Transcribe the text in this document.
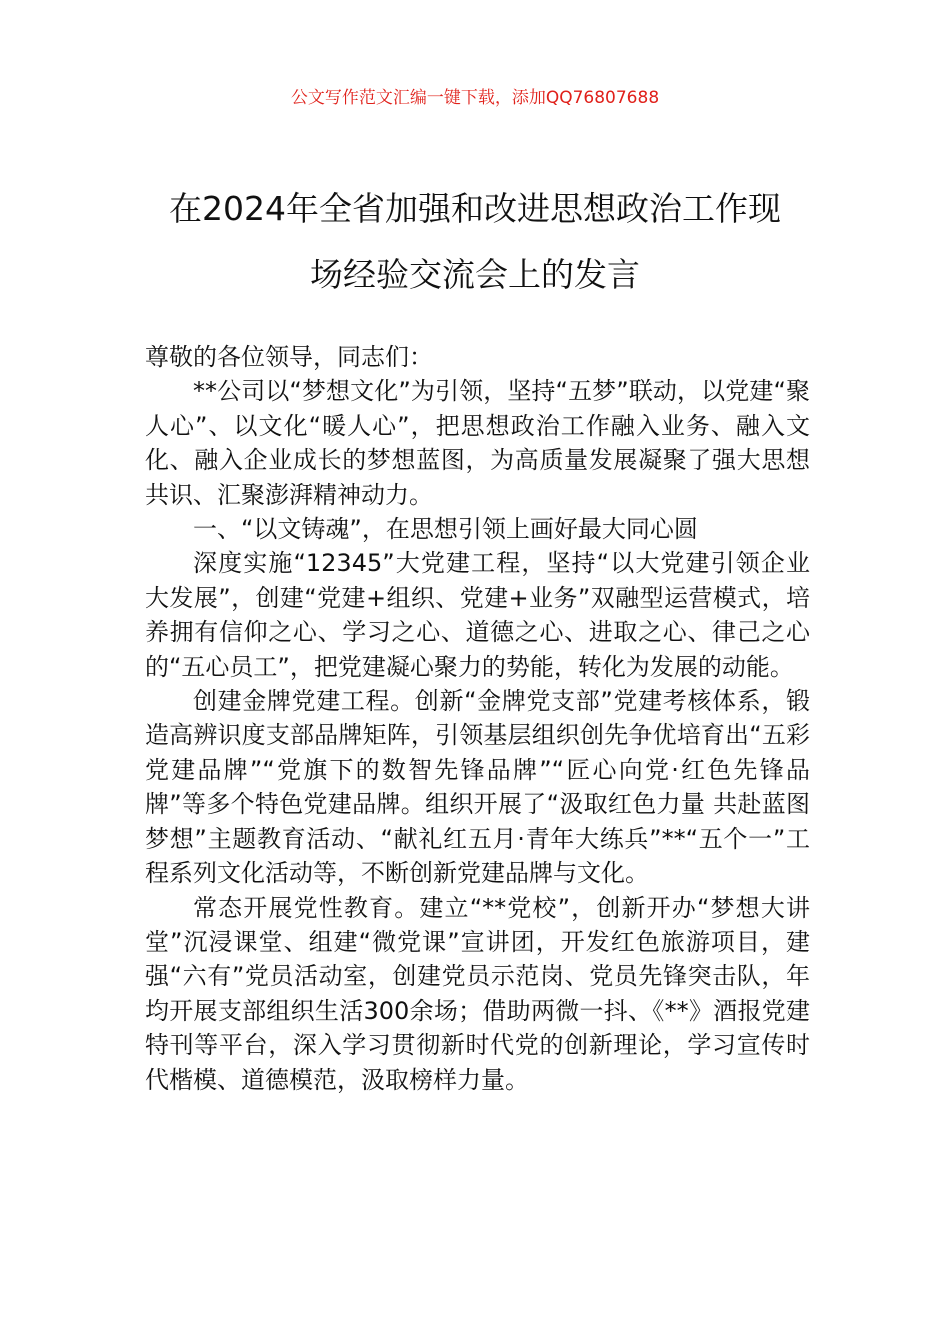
公文写作范文汇编一键下载，添加QQ76807688
在2024年全省加强和改进思想政治工作现
场经验交流会上的发言

尊敬的各位领导，同志们：

**公司以“梦想文化”为引领，坚持“五梦”联动，以党建“聚人心”、以文化“暖人心”，把思想政治工作融入业务、融入文化、融入企业成长的梦想蓝图，为高质量发展凝聚了强大思想共识、汇聚澎湃精神动力。

一、“以文铸魂”，在思想引领上画好最大同心圆

深度实施“12345”大党建工程，坚持“以大党建引领企业大发展”，创建“党建+组织、党建+业务”双融型运营模式，培养拥有信仰之心、学习之心、道德之心、进取之心、律己之心的“五心员工”，把党建凝心聚力的势能，转化为发展的动能。

创建金牌党建工程。创新“金牌党支部”党建考核体系，锻造高辨识度支部品牌矩阵，引领基层组织创先争优培育出“五彩党建品牌”“党旗下的数智先锋品牌”“匠心向党·红色先锋品牌”等多个特色党建品牌。组织开展了“汲取红色力量 共赴蓝图梦想”主题教育活动、“献礼红五月·青年大练兵”**“五个一”工程系列文化活动等，不断创新党建品牌与文化。

常态开展党性教育。建立“**党校”，创新开办“梦想大讲堂”沉浸课堂、组建“微党课”宣讲团，开发红色旅游项目，建强“六有”党员活动室，创建党员示范岗、党员先锋突击队，年均开展支部组织生活300余场；借助两微一抖、《**》酒报党建特刊等平台，深入学习贯彻新时代党的创新理论，学习宣传时代楷模、道德模范，汲取榜样力量。
